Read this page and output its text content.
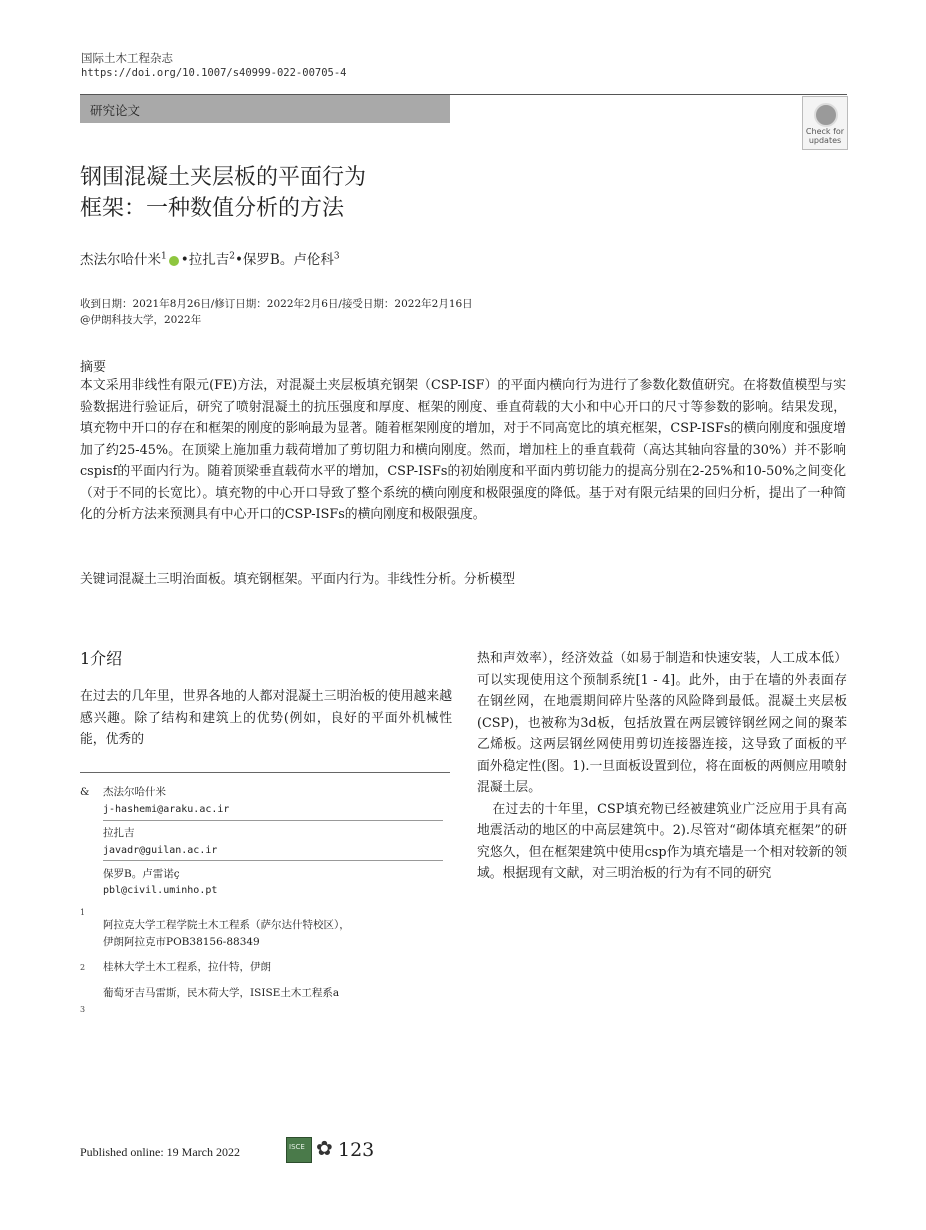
国际土木工程杂志
https://doi.org/10.1007/s40999-022-00705-4
研究论文
Check for updates
钢围混凝土夹层板的平面行为
框架：一种数值分析的方法
杰法尔哈什米$^1$ •拉扎吉$^2$•保罗B。卢伦科$^3$
收到日期：2021年8月26日/修订日期：2022年2月6日/接受日期：2022年2月16日
@伊朗科技大学，2022年
摘要
本文采用非线性有限元(FE)方法，对混凝土夹层板填充钢架（CSP-ISF）的平面内横向行为进行了参数化数值研究。在将数值模型与实验数据进行验证后，研究了喷射混凝土的抗压强度和厚度、框架的刚度、垂直荷载的大小和中心开口的尺寸等参数的影响。结果发现，填充物中开口的存在和框架的刚度的影响最为显著。随着框架刚度的增加，对于不同高宽比的填充框架，CSP-ISFs的横向刚度和强度增加了约25-45%。在顶梁上施加重力载荷增加了剪切阻力和横向刚度。然而，增加柱上的垂直载荷（高达其轴向容量的30%）并不影响cspisf的平面内行为。随着顶梁垂直载荷水平的增加，CSP-ISFs的初始刚度和平面内剪切能力的提高分别在2-25%和10-50%之间变化（对于不同的长宽比）。填充物的中心开口导致了整个系统的横向刚度和极限强度的降低。基于对有限元结果的回归分析，提出了一种简化的分析方法来预测具有中心开口的CSP-ISFs的横向刚度和极限强度。
关键词混凝土三明治面板。填充钢框架。平面内行为。非线性分析。分析模型
1介绍
在过去的几年里，世界各地的人都对混凝土三明治板的使用越来越感兴趣。除了结构和建筑上的优势(例如，良好的平面外机械性能，优秀的

热和声效率），经济效益（如易于制造和快速安装，人工成本低）可以实现使用这个预制系统[1 - 4]。此外，由于在墙的外表面存在钢丝网，在地震期间碎片坠落的风险降到最低。混凝土夹层板(CSP)，也被称为3d板，包括放置在两层镀锌钢丝网之间的聚苯乙烯板。这两层钢丝网使用剪切连接器连接，这导致了面板的平面外稳定性(图。1).一旦面板设置到位，将在面板的两侧应用喷射混凝土层。

在过去的十年里，CSP填充物已经被建筑业广泛应用于具有高地震活动的地区的中高层建筑中。2).尽管对“砌体填充框架”的研究悠久，但在框架建筑中使用csp作为填充墙是一个相对较新的领域。根据现有文献，对三明治板的行为有不同的研究

& 杰法尔哈什米
j-hashemi@araku.ac.ir
拉扎吉
javadr@guilan.ac.ir
保罗B。卢雷诺ç
pbl@civil.uminho.pt
1
阿拉克大学工程学院土木工程系（萨尔达什特校区），
伊朗阿拉克市POB38156-88349
2 桂林大学土木工程系，拉什特，伊朗
葡萄牙吉马雷斯，民木荷大学，ISISE土木工程系a
3
Published online: 19 March 2022	ISCE ✿ 123
